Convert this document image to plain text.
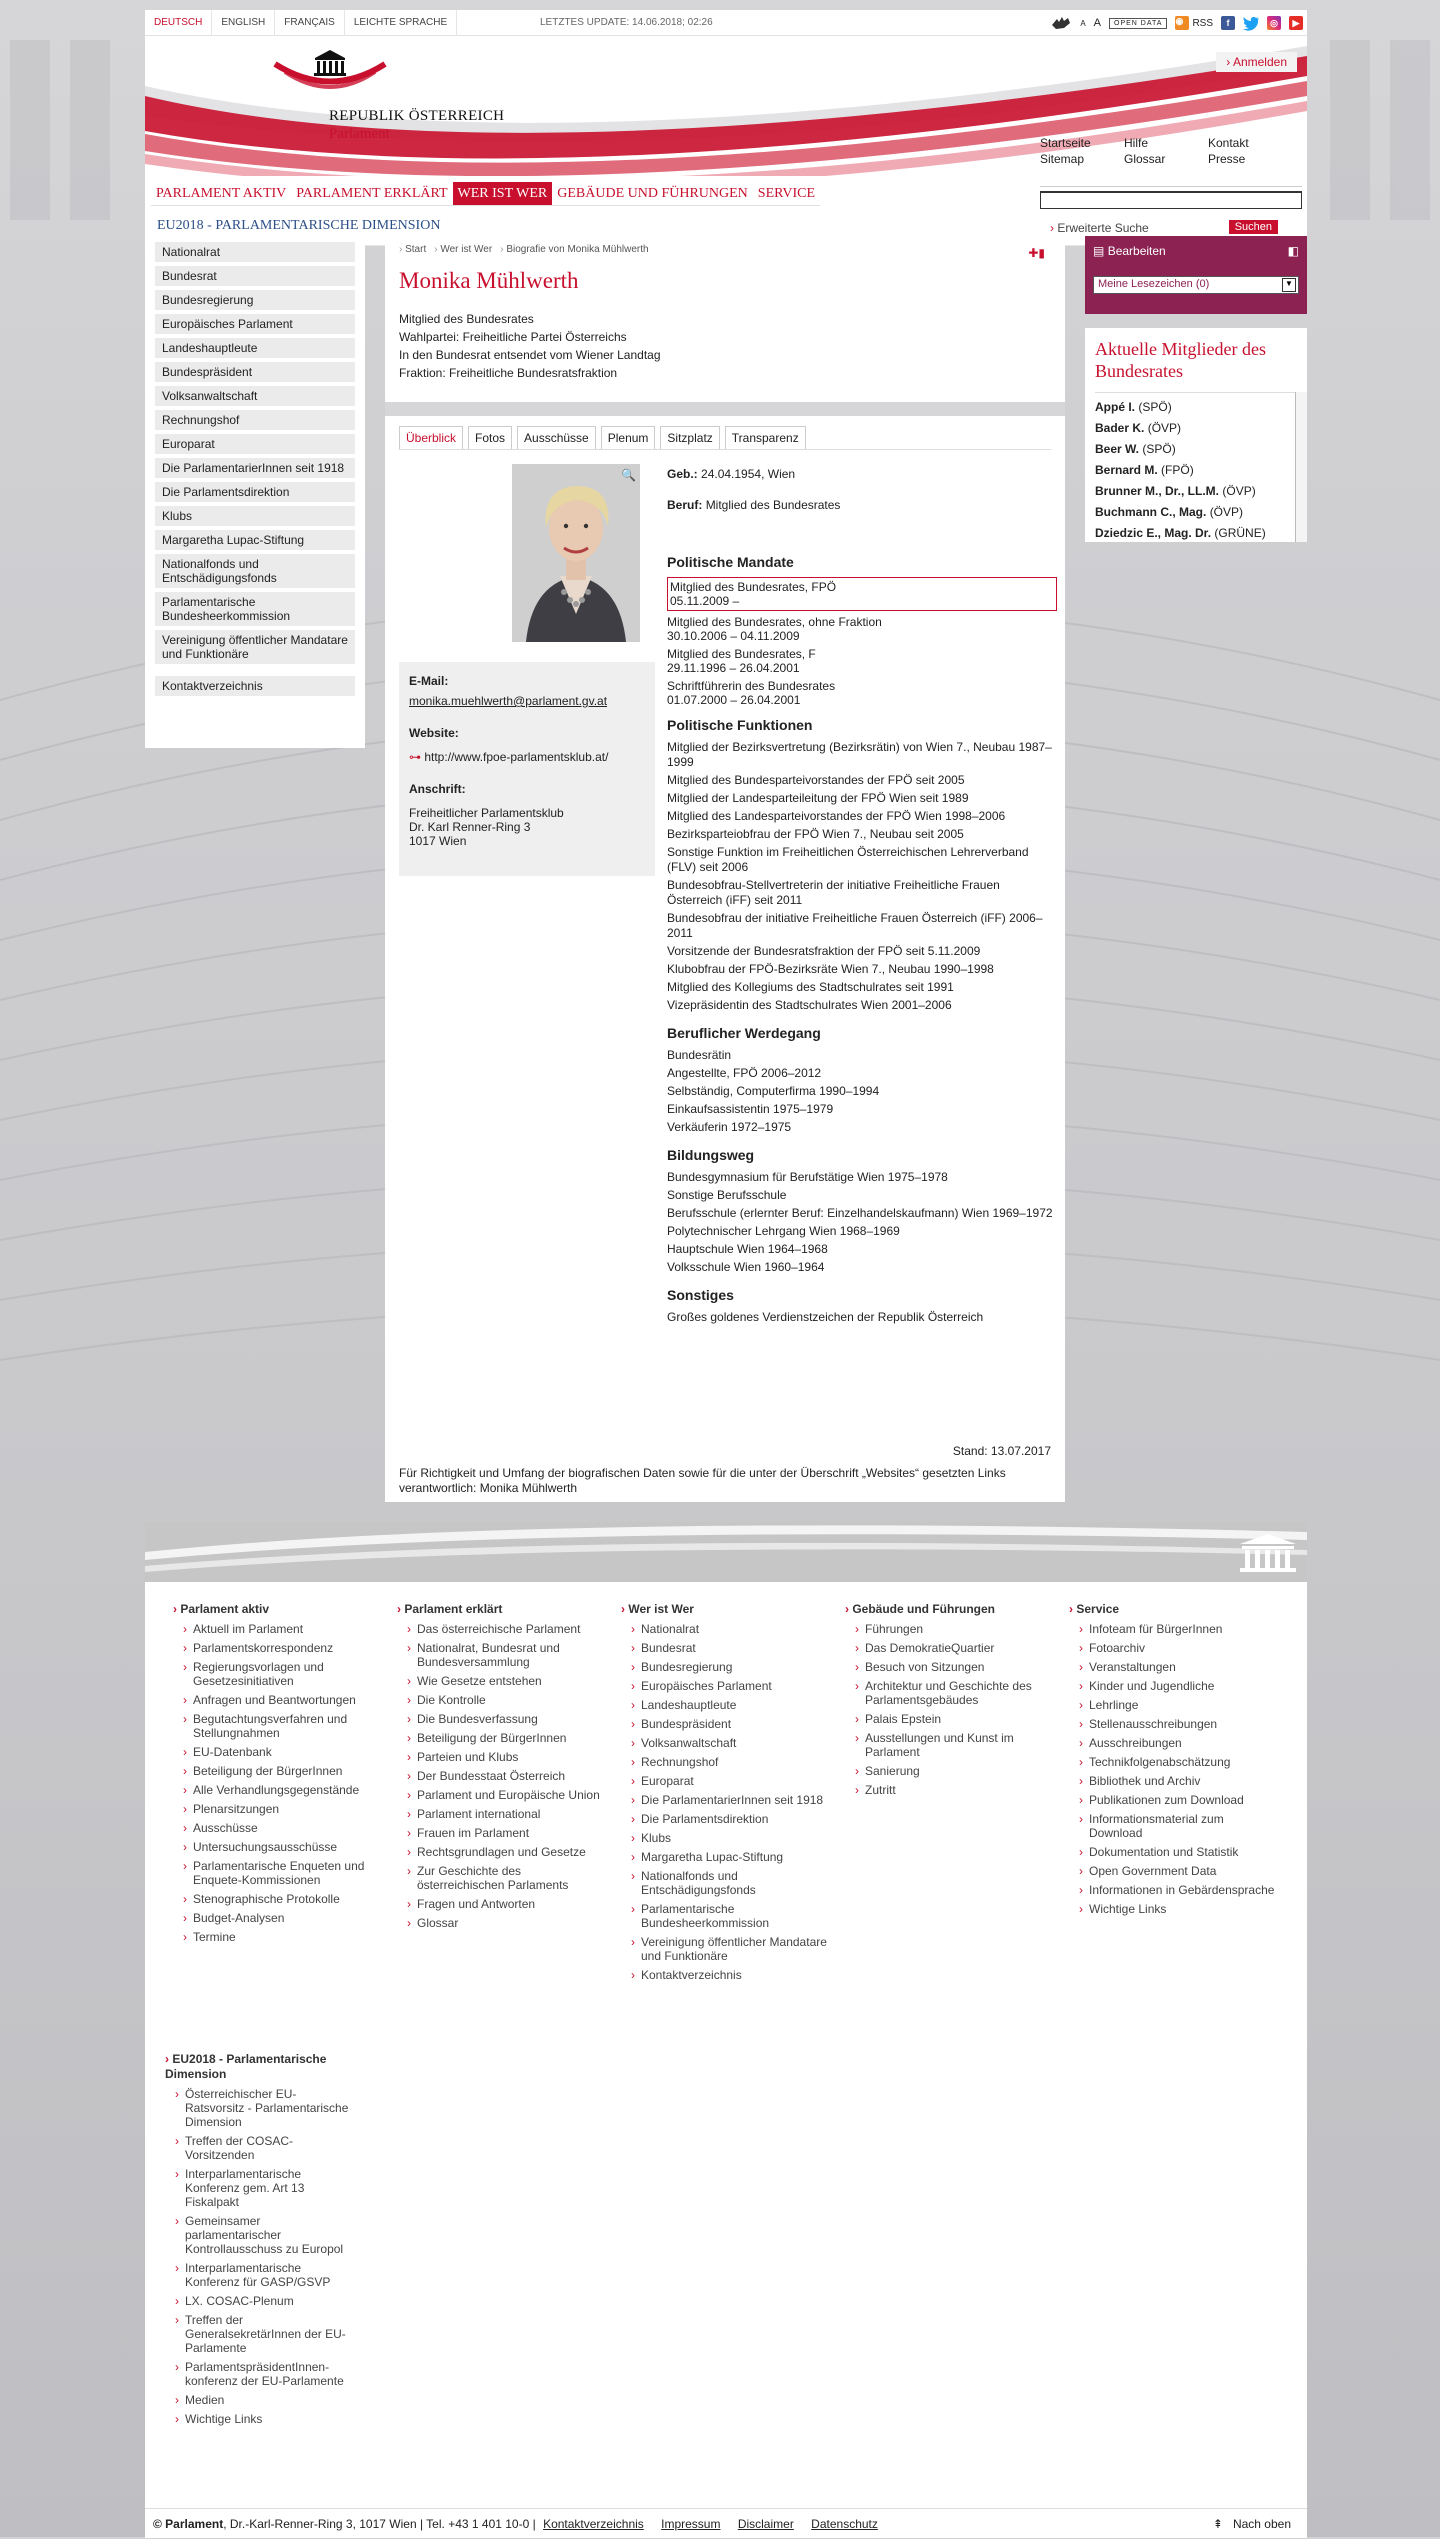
DEUTSCH	ENGLISH	FRANÇAIS	LEICHTE SPRACHE	LETZTES UPDATE: 14.06.2018; 02:26	A A	OPEN DATA	◉ RSS	f	◎	▶
REPUBLIK ÖSTERREICH
Parlament
› Anmelden
Startseite	Hilfe	Kontakt
Sitemap	Glossar	Presse
PARLAMENT AKTIV PARLAMENT ERKLÄRT WER IST WER GEBÄUDE UND FÜHRUNGEN SERVICE
EU2018 - PARLAMENTARISCHE DIMENSION	› Erweiterte Suche	Suchen
Nationalrat
Bundesrat
Bundesregierung
Europäisches Parlament
Landeshauptleute
Bundespräsident
Volksanwaltschaft
Rechnungshof
Europarat
Die ParlamentarierInnen seit 1918
Die Parlamentsdirektion
Klubs
Margaretha Lupac-Stiftung
Nationalfonds und Entschädigungsfonds
Parlamentarische Bundesheerkommission
Vereinigung öffentlicher Mandatare und Funktionäre
Kontaktverzeichnis
› Start	› Wer ist Wer	› Biografie von Monika Mühlwerth	✚▮
Monika Mühlwerth
Mitglied des Bundesrates
Wahlpartei: Freiheitliche Partei Österreichs
In den Bundesrat entsendet vom Wiener Landtag
Fraktion: Freiheitliche Bundesratsfraktion
Überblick	Fotos	Ausschüsse	Plenum	Sitzplatz	Transparenz
🔍
E-Mail:
monika.muehlwerth@parlament.gv.at
Website:
⊶ http://www.fpoe-parlamentsklub.at/
Anschrift:
Freiheitlicher Parlamentsklub
Dr. Karl Renner-Ring 3
1017 Wien
Geb.: 24.04.1954, Wien
Beruf: Mitglied des Bundesrates
Politische Mandate
Mitglied des Bundesrates, FPÖ
05.11.2009 –
Mitglied des Bundesrates, ohne Fraktion
30.10.2006 – 04.11.2009
Mitglied des Bundesrates, F
29.11.1996 – 26.04.2001
Schriftführerin des Bundesrates
01.07.2000 – 26.04.2001
Politische Funktionen
Mitglied der Bezirksvertretung (Bezirksrätin) von Wien 7., Neubau 1987–1999
Mitglied des Bundesparteivorstandes der FPÖ seit 2005
Mitglied der Landesparteileitung der FPÖ Wien seit 1989
Mitglied des Landesparteivorstandes der FPÖ Wien 1998–2006
Bezirksparteiobfrau der FPÖ Wien 7., Neubau seit 2005
Sonstige Funktion im Freiheitlichen Österreichischen Lehrerverband (FLV) seit 2006
Bundesobfrau-Stellvertreterin der initiative Freiheitliche Frauen Österreich (iFF) seit 2011
Bundesobfrau der initiative Freiheitliche Frauen Österreich (iFF) 2006–2011
Vorsitzende der Bundesratsfraktion der FPÖ seit 5.11.2009
Klubobfrau der FPÖ-Bezirksräte Wien 7., Neubau 1990–1998
Mitglied des Kollegiums des Stadtschulrates seit 1991
Vizepräsidentin des Stadtschulrates Wien 2001–2006
Beruflicher Werdegang
Bundesrätin
Angestellte, FPÖ 2006–2012
Selbständig, Computerfirma 1990–1994
Einkaufsassistentin 1975–1979
Verkäuferin 1972–1975
Bildungsweg
Bundesgymnasium für Berufstätige Wien 1975–1978
Sonstige Berufsschule
Berufsschule (erlernter Beruf: Einzelhandelskaufmann) Wien 1969–1972
Polytechnischer Lehrgang Wien 1968–1969
Hauptschule Wien 1964–1968
Volksschule Wien 1960–1964
Sonstiges
Großes goldenes Verdienstzeichen der Republik Österreich
Stand: 13.07.2017
Für Richtigkeit und Umfang der biografischen Daten sowie für die unter der Überschrift „Websites“ gesetzten Links verantwortlich: Monika Mühlwerth
▤ Bearbeiten	◧
Meine Lesezeichen (0)	▼
Aktuelle Mitglieder des Bundesrates
Appé I. (SPÖ)
Bader K. (ÖVP)
Beer W. (SPÖ)
Bernard M. (FPÖ)
Brunner M., Dr., LL.M. (ÖVP)
Buchmann C., Mag. (ÖVP)
Dziedzic E., Mag. Dr. (GRÜNE)
› Parlament aktiv
› Aktuell im Parlament
› Parlamentskorrespondenz
› Regierungsvorlagen und Gesetzesinitiativen
› Anfragen und Beantwortungen
› Begutachtungsverfahren und Stellungnahmen
› EU-Datenbank
› Beteiligung der BürgerInnen
› Alle Verhandlungsgegenstände
› Plenarsitzungen
› Ausschüsse
› Untersuchungsausschüsse
› Parlamentarische Enqueten und Enquete-Kommissionen
› Stenographische Protokolle
› Budget-Analysen
› Termine
› Parlament erklärt
› Das österreichische Parlament
› Nationalrat, Bundesrat und Bundesversammlung
› Wie Gesetze entstehen
› Die Kontrolle
› Die Bundesverfassung
› Beteiligung der BürgerInnen
› Parteien und Klubs
› Der Bundesstaat Österreich
› Parlament und Europäische Union
› Parlament international
› Frauen im Parlament
› Rechtsgrundlagen und Gesetze
› Zur Geschichte des österreichischen Parlaments
› Fragen und Antworten
› Glossar
› Wer ist Wer
› Nationalrat
› Bundesrat
› Bundesregierung
› Europäisches Parlament
› Landeshauptleute
› Bundespräsident
› Volksanwaltschaft
› Rechnungshof
› Europarat
› Die ParlamentarierInnen seit 1918
› Die Parlamentsdirektion
› Klubs
› Margaretha Lupac-Stiftung
› Nationalfonds und Entschädigungsfonds
› Parlamentarische Bundesheerkommission
› Vereinigung öffentlicher Mandatare und Funktionäre
› Kontaktverzeichnis
› Gebäude und Führungen
› Führungen
› Das DemokratieQuartier
› Besuch von Sitzungen
› Architektur und Geschichte des Parlamentsgebäudes
› Palais Epstein
› Ausstellungen und Kunst im Parlament
› Sanierung
› Zutritt
› Service
› Infoteam für BürgerInnen
› Fotoarchiv
› Veranstaltungen
› Kinder und Jugendliche
› Lehrlinge
› Stellenausschreibungen
› Ausschreibungen
› Technikfolgenabschätzung
› Bibliothek und Archiv
› Publikationen zum Download
› Informationsmaterial zum Download
› Dokumentation und Statistik
› Open Government Data
› Informationen in Gebärdensprache
› Wichtige Links
› EU2018 - Parlamentarische Dimension
› Österreichischer EU-Ratsvorsitz - Parlamentarische Dimension
› Treffen der COSAC-Vorsitzenden
› Interparlamentarische Konferenz gem. Art 13 Fiskalpakt
› Gemeinsamer parlamentarischer Kontrollausschuss zu Europol
› Interparlamentarische Konferenz für GASP/GSVP
› LX. COSAC-Plenum
› Treffen der GeneralsekretärInnen der EU-Parlamente
› ParlamentspräsidentInnen-konferenz der EU-Parlamente
› Medien
› Wichtige Links
© Parlament, Dr.-Karl-Renner-Ring 3, 1017 Wien | Tel. +43 1 401 10-0 | Kontaktverzeichnis Impressum Disclaimer Datenschutz	⇞ Nach oben
